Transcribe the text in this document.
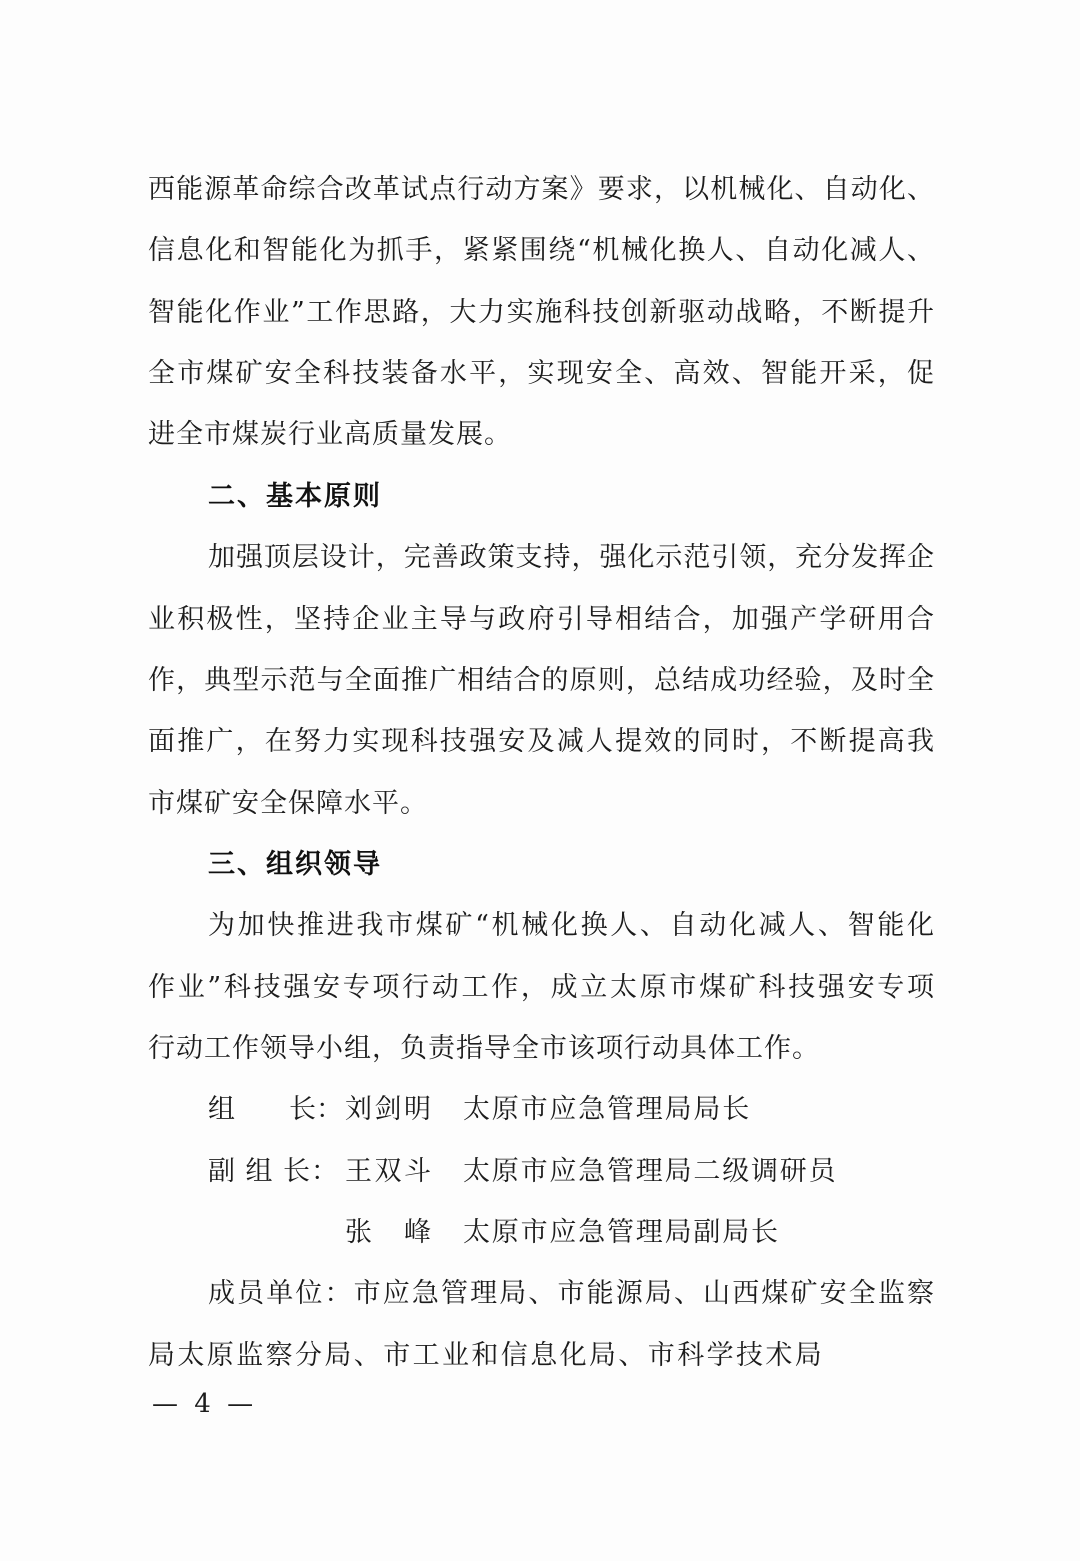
西能源革命综合改革试点行动方案》要求，以机械化、自动化、
信息化和智能化为抓手，紧紧围绕“机械化换人、自动化减人、
智能化作业”工作思路，大力实施科技创新驱动战略，不断提升
全市煤矿安全科技装备水平，实现安全、高效、智能开采，促
进全市煤炭行业高质量发展。
二、基本原则
加强顶层设计，完善政策支持，强化示范引领，充分发挥企
业积极性，坚持企业主导与政府引导相结合，加强产学研用合
作，典型示范与全面推广相结合的原则，总结成功经验，及时全
面推广，在努力实现科技强安及减人提效的同时，不断提高我
市煤矿安全保障水平。
三、组织领导
为加快推进我市煤矿“机械化换人、自动化减人、智能化
作业”科技强安专项行动工作，成立太原市煤矿科技强安专项
行动工作领导小组，负责指导全市该项行动具体工作。
组　　长： 刘剑明 太原市应急管理局局长
副 组 长： 王双斗 太原市应急管理局二级调研员
张　峰 太原市应急管理局副局长
成员单位：市应急管理局、市能源局、山西煤矿安全监察
局太原监察分局、市工业和信息化局、市科学技术局
— 4 —
